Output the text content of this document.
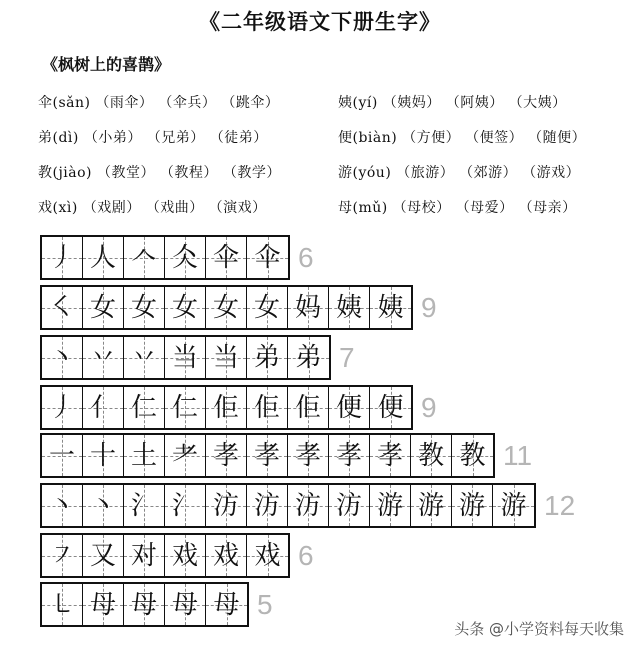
《二年级语文下册生字》
《枫树上的喜鹊》
伞(sǎn) （雨伞） （伞兵） （跳伞）
弟(dì) （小弟） （兄弟） （徒弟）
教(jiào) （教堂） （教程） （教学）
戏(xì) （戏剧） （戏曲） （演戏）
姨(yí) （姨妈） （阿姨） （大姨）
便(biàn) （方便） （便签） （随便）
游(yóu) （旅游） （郊游） （游戏）
母(mǔ) （母校） （母爱） （母亲）
丿 人 𠆢 仌 伞 伞 6
㇛ 女 女 女 女 女 妈 姨 姨 9
丶 丷 丷 当 当 弟 弟 7
丿 亻 仁 仁 佢 佢 佢 便 便 9
一 十 土 耂 孝 孝 孝 孝 孝 教 教 11
丶 丶 氵 氵 汸 汸 汸 汸 游 游 游 游 12
㇇ 又 对 戏 戏 戏 6
㇄ 母 母 母 母 5
头条 @小学资料每天收集
